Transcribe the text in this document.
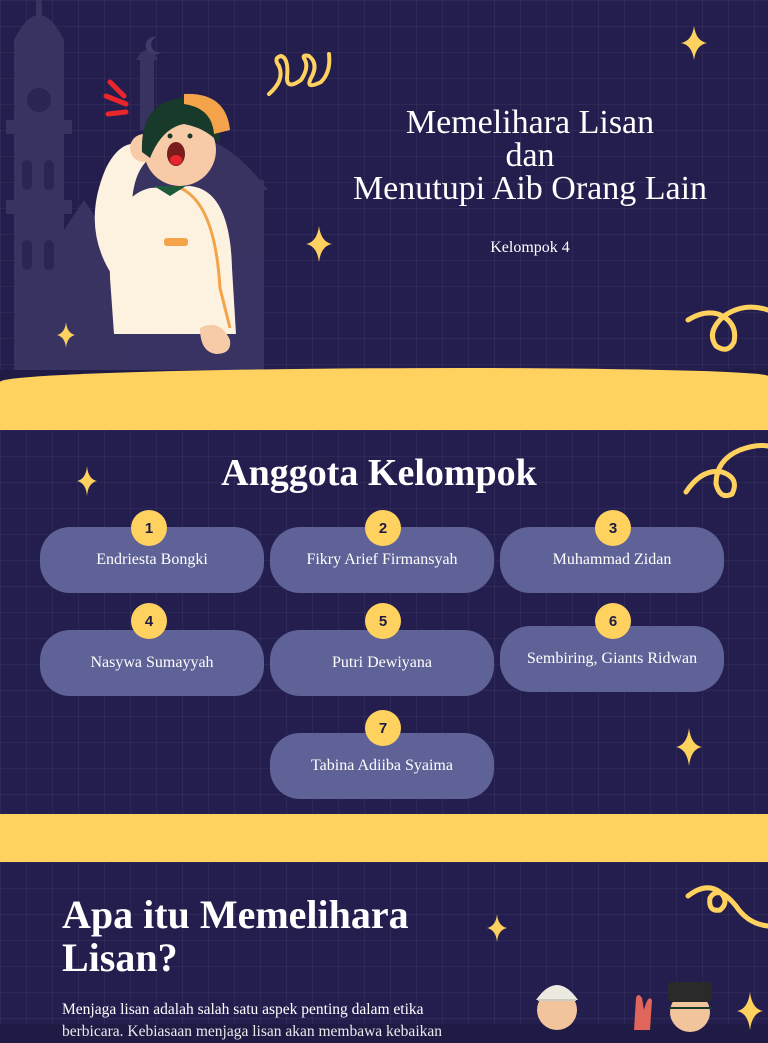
Memelihara Lisan
dan
Menutupi Aib Orang Lain
Kelompok 4
Anggota Kelompok
Endriesta Bongki
1
Fikry Arief Firmansyah
2
Muhammad Zidan
3
Nasywa Sumayyah
4
Putri Dewiyana
5
Sembiring, Giants Ridwan
6
Tabina Adiiba Syaima
7
Apa itu Memelihara Lisan?
Menjaga lisan adalah salah satu aspek penting dalam etika
berbicara. Kebiasaan menjaga lisan akan membawa kebaikan
